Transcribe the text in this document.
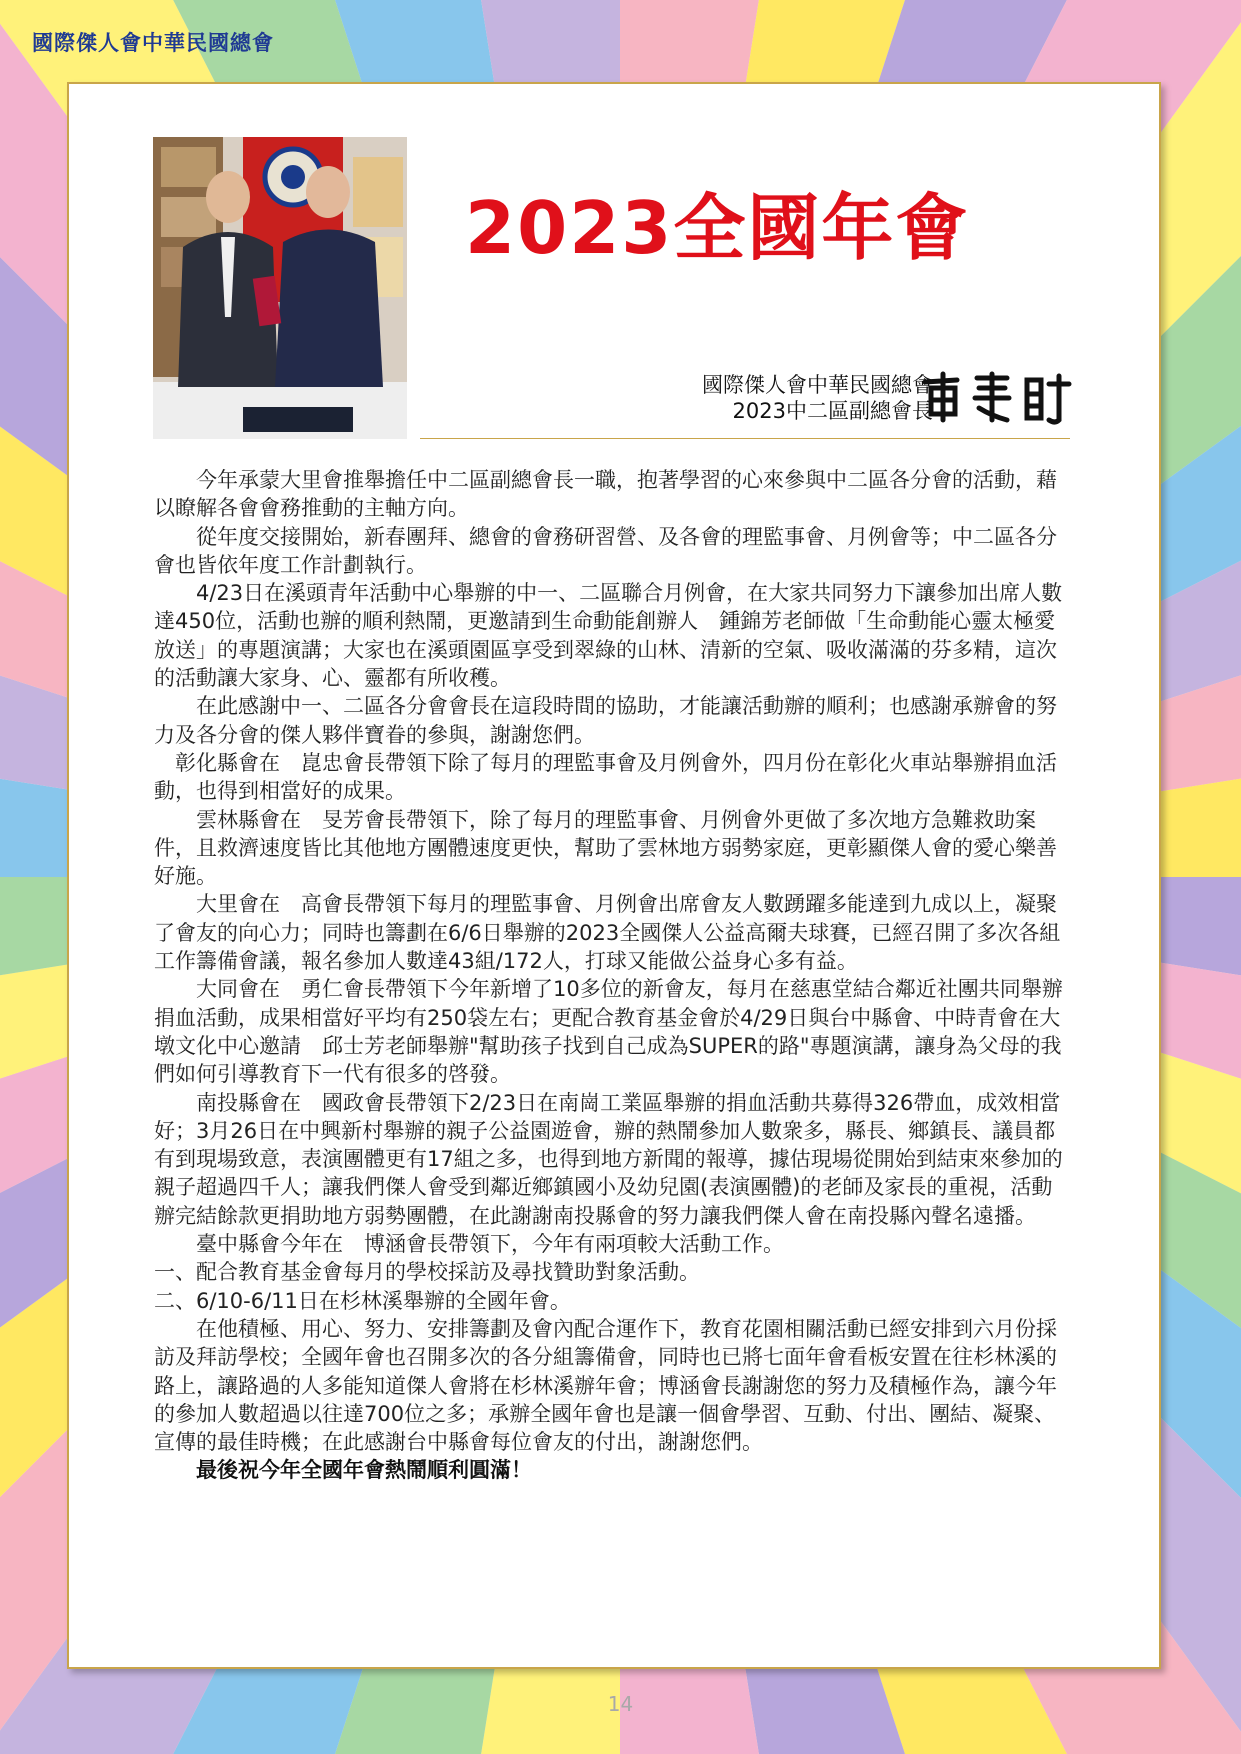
國際傑人會中華民國總會
2023全國年會
國際傑人會中華民國總會
2023中二區副總會長

今年承蒙大里會推舉擔任中二區副總會長一職，抱著學習的心來參與中二區各分會的活動，藉以瞭解各會會務推動的主軸方向。

從年度交接開始，新春團拜、總會的會務研習營、及各會的理監事會、月例會等；中二區各分會也皆依年度工作計劃執行。

4/23日在溪頭青年活動中心舉辦的中一、二區聯合月例會，在大家共同努力下讓參加出席人數達450位，活動也辦的順利熱鬧，更邀請到生命動能創辦人　鍾錦芳老師做「生命動能心靈太極愛放送」的專題演講；大家也在溪頭園區享受到翠綠的山林、清新的空氣、吸收滿滿的芬多精，這次的活動讓大家身、心、靈都有所收穫。

在此感謝中一、二區各分會會長在這段時間的協助，才能讓活動辦的順利；也感謝承辦會的努力及各分會的傑人夥伴寶眷的參與，謝謝您們。

彰化縣會在　崑忠會長帶領下除了每月的理監事會及月例會外，四月份在彰化火車站舉辦捐血活動，也得到相當好的成果。

雲林縣會在　旻芳會長帶領下，除了每月的理監事會、月例會外更做了多次地方急難救助案件，且救濟速度皆比其他地方團體速度更快，幫助了雲林地方弱勢家庭，更彰顯傑人會的愛心樂善好施。

大里會在　高會長帶領下每月的理監事會、月例會出席會友人數踴躍多能達到九成以上，凝聚了會友的向心力；同時也籌劃在6/6日舉辦的2023全國傑人公益高爾夫球賽，已經召開了多次各組工作籌備會議，報名參加人數達43組/172人，打球又能做公益身心多有益。

大同會在　勇仁會長帶領下今年新增了10多位的新會友，每月在慈惠堂結合鄰近社團共同舉辦捐血活動，成果相當好平均有250袋左右；更配合教育基金會於4/29日與台中縣會、中時青會在大墩文化中心邀請　邱士芳老師舉辦"幫助孩子找到自己成為SUPER的路"專題演講，讓身為父母的我們如何引導教育下一代有很多的啓發。

南投縣會在　國政會長帶領下2/23日在南崗工業區舉辦的捐血活動共募得326帶血，成效相當好；3月26日在中興新村舉辦的親子公益園遊會，辦的熱鬧參加人數衆多，縣長、鄉鎮長、議員都有到現場致意，表演團體更有17組之多，也得到地方新聞的報導，據估現場從開始到結束來參加的親子超過四千人；讓我們傑人會受到鄰近鄉鎮國小及幼兒園(表演團體)的老師及家長的重視，活動辦完結餘款更捐助地方弱勢團體，在此謝謝南投縣會的努力讓我們傑人會在南投縣內聲名遠播。

臺中縣會今年在　博涵會長帶領下，今年有兩項較大活動工作。

一、配合教育基金會每月的學校採訪及尋找贊助對象活動。

二、6/10-6/11日在杉林溪舉辦的全國年會。

在他積極、用心、努力、安排籌劃及會內配合運作下，教育花園相關活動已經安排到六月份採訪及拜訪學校；全國年會也召開多次的各分組籌備會，同時也已將七面年會看板安置在往杉林溪的路上，讓路過的人多能知道傑人會將在杉林溪辦年會；博涵會長謝謝您的努力及積極作為，讓今年的參加人數超過以往達700位之多；承辦全國年會也是讓一個會學習、互動、付出、團結、凝聚、宣傳的最佳時機；在此感謝台中縣會每位會友的付出，謝謝您們。

最後祝今年全國年會熱鬧順利圓滿！

14
